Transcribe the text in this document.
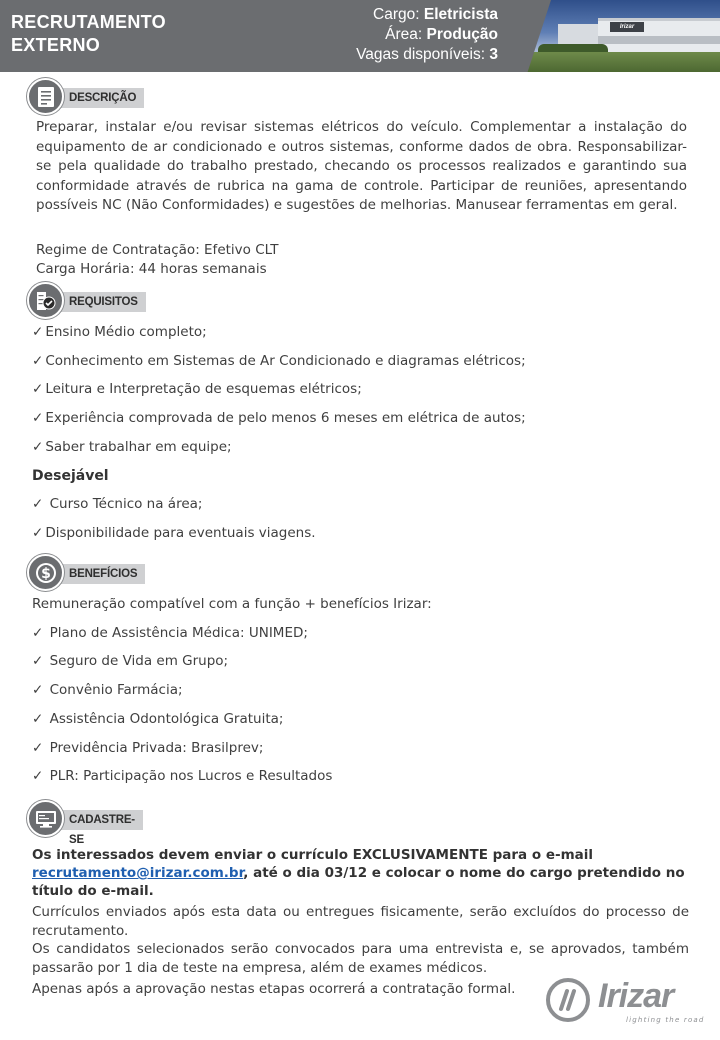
RECRUTAMENTO
EXTERNO
Cargo: Eletricista
Área: Produção
Vagas disponíveis: 3
Irizar
DESCRIÇÃO
Preparar, instalar e/ou revisar sistemas elétricos do veículo. Complementar a instalação do equipamento de ar condicionado e outros sistemas, conforme dados de obra. Responsabilizar-se pela qualidade do trabalho prestado, checando os processos realizados e garantindo sua conformidade através de rubrica na gama de controle. Participar de reuniões, apresentando possíveis NC (Não Conformidades) e sugestões de melhorias. Manusear ferramentas em geral.
Regime de Contratação: Efetivo CLT
Carga Horária: 44 horas semanais
REQUISITOS
✓ Ensino Médio completo;
✓ Conhecimento em Sistemas de Ar Condicionado e diagramas elétricos;
✓ Leitura e Interpretação de esquemas elétricos;
✓ Experiência comprovada de pelo menos 6 meses em elétrica de autos;
✓ Saber trabalhar em equipe;
Desejável
✓ Curso Técnico na área;
✓ Disponibilidade para eventuais viagens.
$	BENEFÍCIOS
Remuneração compatível com a função + benefícios Irizar:
✓ Plano de Assistência Médica: UNIMED;
✓ Seguro de Vida em Grupo;
✓ Convênio Farmácia;
✓ Assistência Odontológica Gratuita;
✓ Previdência Privada: Brasilprev;
✓ PLR: Participação nos Lucros e Resultados
CADASTRE-SE
Os interessados devem enviar o currículo EXCLUSIVAMENTE para o e-mail
recrutamento@irizar.com.br, até o dia 03/12 e colocar o nome do cargo pretendido no
título do e-mail.
Currículos enviados após esta data ou entregues fisicamente, serão excluídos do processo de recrutamento.
Os candidatos selecionados serão convocados para uma entrevista e, se aprovados, também passarão por 1 dia de teste na empresa, além de exames médicos.
Apenas após a aprovação nestas etapas ocorrerá a contratação formal. Irizar
lighting the road
